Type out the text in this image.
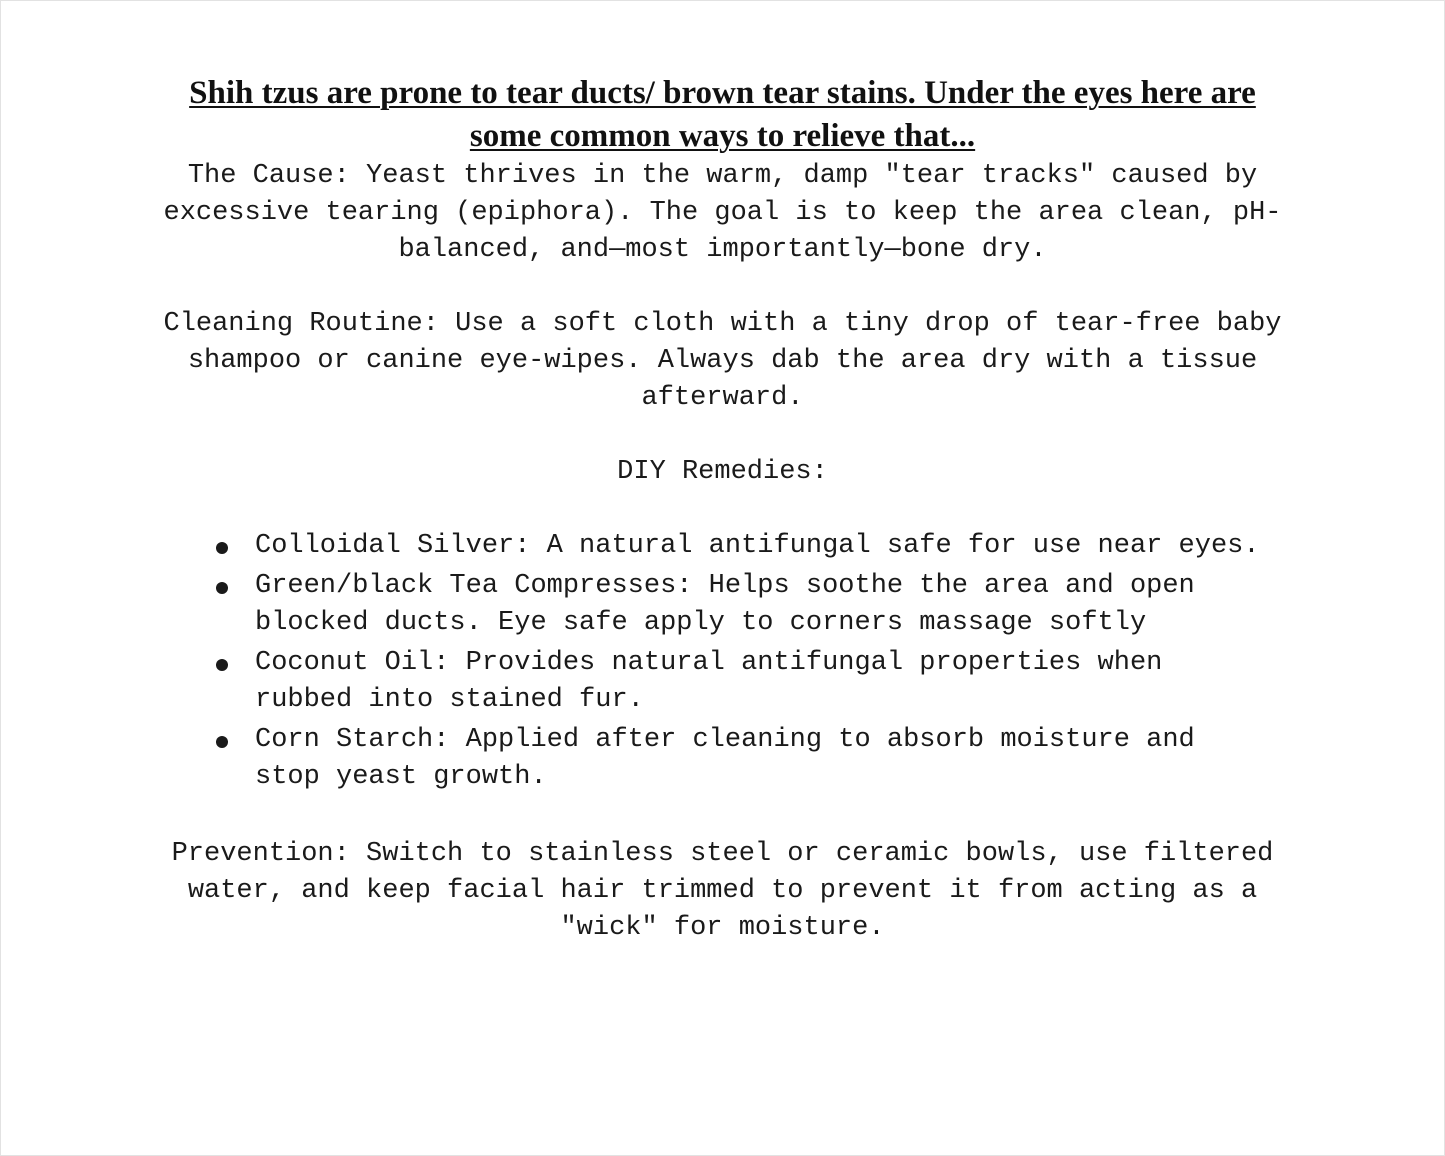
Shih tzus are prone to tear ducts/ brown tear stains. Under the eyes here are some common ways to relieve that...

The Cause: Yeast thrives in the warm, damp "tear tracks" caused by excessive tearing (epiphora). The goal is to keep the area clean, pH-balanced, and—most importantly—bone dry.

Cleaning Routine: Use a soft cloth with a tiny drop of tear-free baby shampoo or canine eye-wipes. Always dab the area dry with a tissue afterward.

DIY Remedies:

Colloidal Silver: A natural antifungal safe for use near eyes.
Green/black Tea Compresses: Helps soothe the area and open blocked ducts. Eye safe apply to corners massage softly
Coconut Oil: Provides natural antifungal properties when rubbed into stained fur.
Corn Starch: Applied after cleaning to absorb moisture and stop yeast growth.

Prevention: Switch to stainless steel or ceramic bowls, use filtered water, and keep facial hair trimmed to prevent it from acting as a "wick" for moisture.
